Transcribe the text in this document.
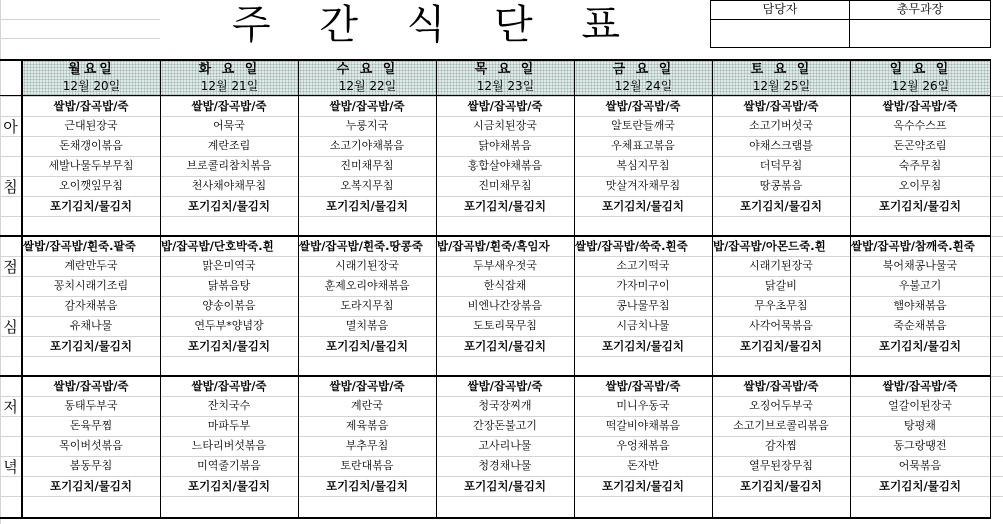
주 간 식 단 표	담당자	총무과장
월요일
12월 20일
화 요 일
12월 21일
수 요 일
12월 22일
목 요 일
12월 23일
금 요 일
12월 24일
토 요 일
12월 25일
일 요 일
12월 26일
아
침
쌀밥/잡곡밥/죽
근대된장국
돈채갱이볶음
세발나물두부무침
오이깻잎무침
포기김치/물김치
쌀밥/잡곡밥/죽
어묵국
계란조림
브로콜리참치볶음
천사채야채무침
포기김치/물김치
쌀밥/잡곡밥/죽
누룽지국
소고기야채볶음
진미채무침
오복지무침
포기김치/물김치
쌀밥/잡곡밥/죽
시금치된장국
닭야채볶음
홍합살야채볶음
진미채무침
포기김치/물김치
쌀밥/잡곡밥/죽
알토란들깨국
우체표고볶음
복심지무침
맛살겨자채무침
포기김치/물김치
쌀밥/잡곡밥/죽
소고기버섯국
야채스크램블
더덕무침
땅콩볶음
포기김치/물김치
쌀밥/잡곡밥/죽
옥수수스프
돈곤약조림
숙주무침
오이무침
포기김치/물김치
점
심
쌀밥/잡곡밥/흰죽.팥죽
계란만두국
꽁치시래기조림
감자채볶음
유채나물
포기김치/물김치
밥/잡곡밥/단호박죽.흰
맑은미역국
닭볶음탕
양송이볶음
연두부*양념장
포기김치/물김치
쌀밥/잡곡밥/흰죽.땅콩죽
시래기된장국
훈제오리야채볶음
도라지무침
멸치볶음
포기김치/물김치
밥/잡곡밥/흰죽/흑임자
두부새우젓국
한식잡채
비엔나간장볶음
도토리묵무침
포기김치/물김치
쌀밥/잡곡밥/쑥죽.흰죽
소고기떡국
가자미구이
콩나물무침
시금치나물
포기김치/물김치
밥/잡곡밥/아몬드죽.흰
시래기된장국
닭갈비
무우초무침
사각어묵볶음
포기김치/물김치
쌀밥/잡곡밥/참깨죽.흰죽
북어채콩나물국
우불고기
햄야채볶음
죽순채볶음
포기김치/물김치
저
녁
쌀밥/잡곡밥/죽
동태두부국
돈육무찜
목이버섯볶음
봄동무침
포기김치/물김치
쌀밥/잡곡밥/죽
잔치국수
마파두부
느타리버섯볶음
미역줄기볶음
포기김치/물김치
쌀밥/잡곡밥/죽
계란국
제육볶음
부추무침
토란대볶음
포기김치/물김치
쌀밥/잡곡밥/죽
청국장찌개
간장돈불고기
고사리나물
청경채나물
포기김치/물김치
쌀밥/잡곡밥/죽
미니우동국
떡갈비야채볶음
우엉채볶음
돈자반
포기김치/물김치
쌀밥/잡곡밥/죽
오징어두부국
소고기브로콜리볶음
감자찜
열무된장무침
포기김치/물김치
쌀밥/잡곡밥/죽
얼갈이된장국
탕평채
동그랑땡전
어묵볶음
포기김치/물김치
